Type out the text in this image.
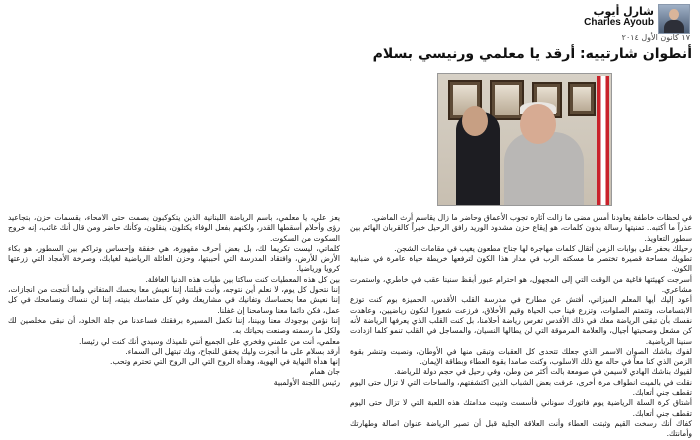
شارل أيوب
Charles Ayoub
١٧ كانون الأول ٢٠١٤
أنطوان شارتييه: أرقد يا معلمي ورنيسي بسلام

في لحظات خاطفة يعاودنا أمس مضى ما زالت آثاره تجوب الأعماق وحاضر ما زال يقاسم أرث الماضي.

عذراً ما أكتبه.. تمنيتها رسالة بدون كلمات، هو إيقاع حزن مشدود الوريد رافق الرحيل خبراً كالقربان الهائم بين سطور التعاويذ.

رحيلك بحفر على بوابات الزمن أثقال كلمات مهاجرة لها جناح مطعون يغيب في مقامات الشجن.

تطويك مساحة قصيرة تختصر ما مسكته الرب في مدار هذا الكون لترفعها خريطة حياة عامرة في ضبابية الكون.

أسرجت كهيئتها فاغية من الوقت التي إلى المجهول، هو احترام عبور أبقظ سنينا عقب في خاطري، واستمرت مشاعري.

أعود إليك أيها المعلم الميزاني، أفتش عن مطارح في مدرسة القلب الأقدس، الحميزة بوم كنت توزع الابتسامات، وتتمتم الصلوات، وتزرع فينا حب الحياة وقيم الأخلاق، فرزعت شعورا لنكون رياضيين، وعاهدت نفسك بأن تبقى الرياضة معك في ذلك الأقدس تغرس رياضة أحلامنا، بل كنت القلب الذي يعرفها الرياضة لأنه كن مشعل وصحبتها أجيال، والعلامة المرموقة التي لن يطالها النسيان، والمساجل في القلب تنمو كلما ازدادت سنينا الرياضية.

لفوك بناشك الصوان الاسمر الذي جعلك تتحدى كل العقبات وتبقى منها في الأوطان، ونصبت وتنشر بقوة الزمن الذي كنا معاً في حاله مع ذلك الاسلوب، وكنت صامدا بقوة العطاء وبطاقة الإيمان.

لقيوك بناشك الهادي لاسيمن في صومعة بالت أكثر من وطن، وفي رحيل في حجم دولة للرياضة.

نقلت في بالميت انطواف مرة أخرى، عرفت بعض الشباب الذين اكتشفتهم، والساحات التي لا تزال حتى اليوم تقطف جني أتعابك.

أشتاق كرة السلة الرياضية يوم فاتورك سوناني فأسست وتبيت مدامتك هذه اللعبة التي لا تزال حتى اليوم تقطف جني أتعابك.

كفاك أنك رسخت القيم وثبتت العطاء وأنت العلاقة الجلية قبل أن تصير الرياضة عنوان اصالة وطهارتك وأمانتك.

يعز علي، يا معلمي، باسم الرياضة اللبنانية الذين يتكوكبون بصمت حتى الامحاء، بقسمات حزن، بتجاعيد رؤى وأحلام أسقطها القدر، ولكنهم بفعل الوفاء يكتلون، ينقلون، وكأنك حاضر ومن قال أنك غائب، إنه خروج السكوت من السكوت.

كلماتي، ليست تكريما لك، بل بعض أحرف مقهورة، هي خفقة وإحساس وتراكم بين السطور، هو بكاء الأرض للأرض، وافتقاد المدرسة التي أحببتها، وحزن العائلة الرياضية لغيابك، وصرخة الأمجاد التي زرعتها كرويا ورياضيا.

بين كل هذه المعطيات كنت ساكتا بين طيات هذه الدنيا الغافلة.

إننا نتحول كل يوم، لا نعلم أين نتوجه، وأنت قبلتنا، إننا نعيش معا بحسك المتفاني ولما أنتجت من انجازات، إننا نعيش معا بحساسك وتفانيك في مشاريعك وفي كل متماسك بنيته، إننا لن ننساك ونسامحك في كل عمل، فكن دائما معنا وسامحنا إن غفلنا.

إننا نؤمن بوجودك معنا وبيننا، إننا نكمل المسيرة برفقتك فساعدنا من جلة الخلود، أن نبقى مخلصين لك ولكل ما رسمته وصنعت بحياتك به.

معلمي، أنت من علمني وفخري على الجميع أنني تلميذك وسيدي أنك كنت لي رئيسا.

أرقد بسلام على ما أنجزت وليك يخفق للنجاح، وبك تبتهل الى السماء.

إنها هدأة النهاية في الهوية، وهدأة الروح التي الى الروح التي تحترم وتحب.

جان همام

رئيس اللجنة الأولمبية
